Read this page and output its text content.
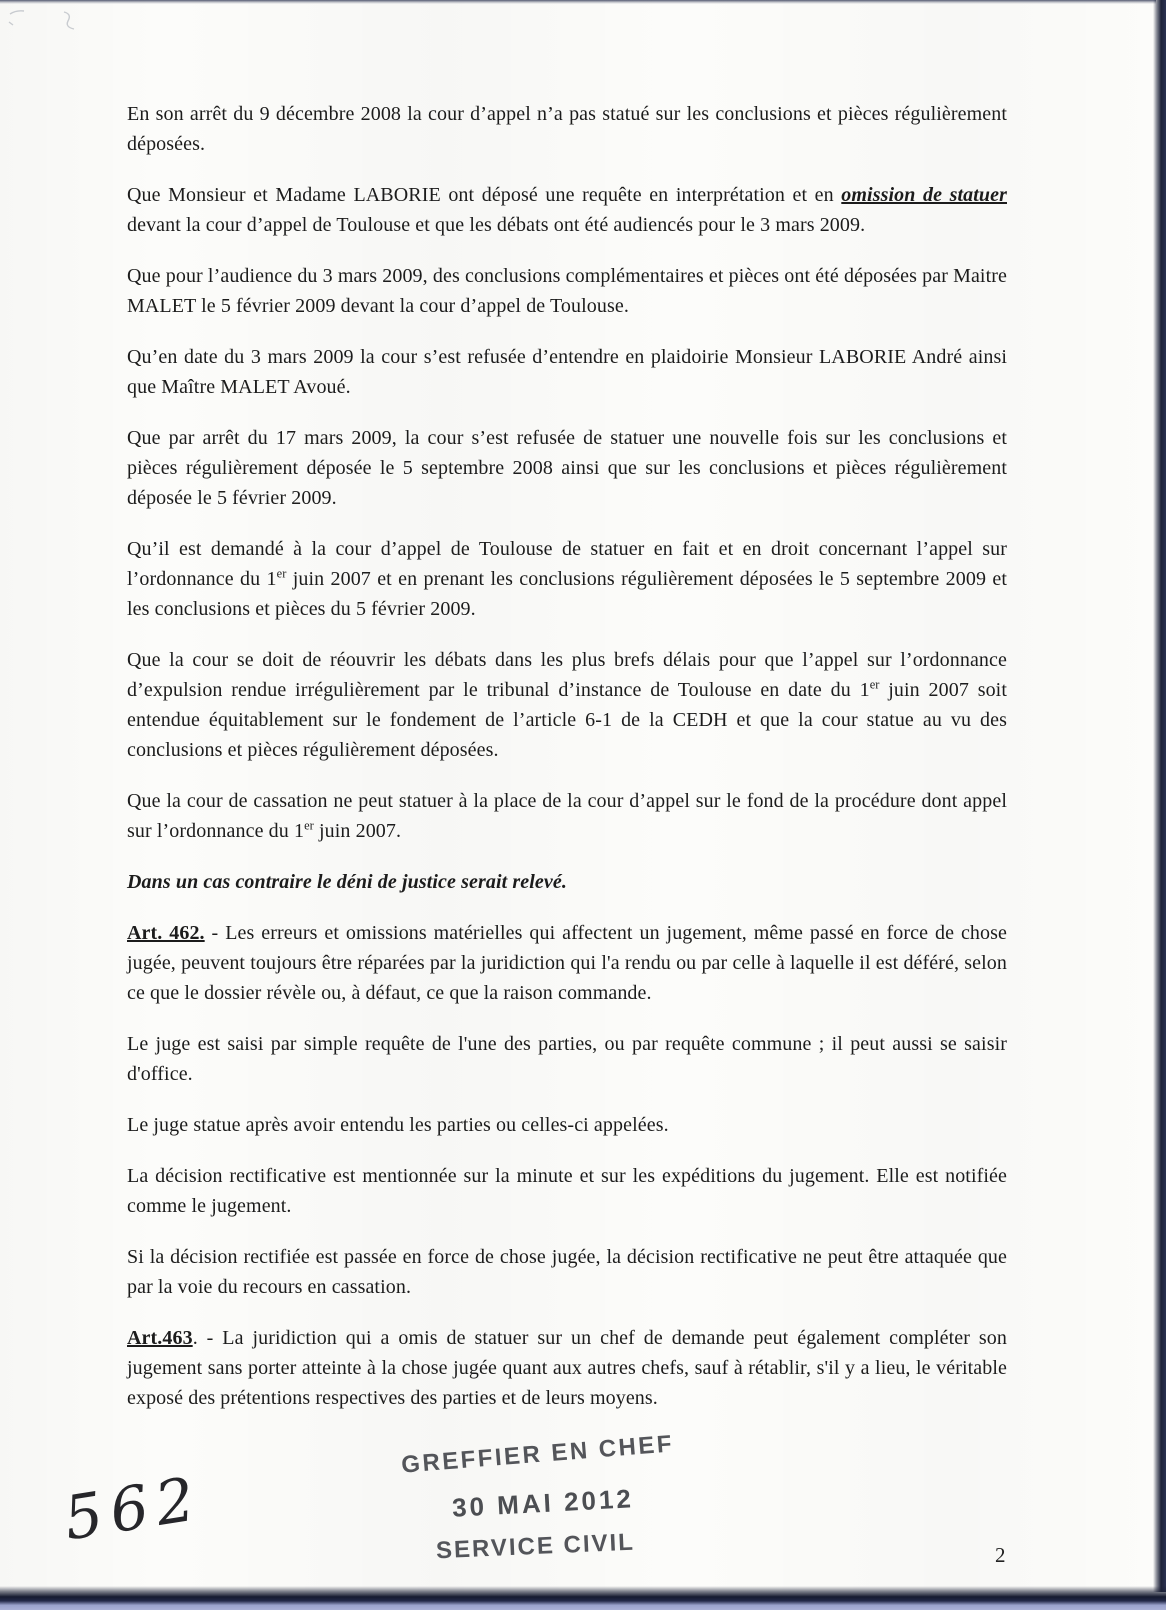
En son arrêt du 9 décembre 2008 la cour d’appel n’a pas statué sur les conclusions et pièces régulièrement déposées.

Que Monsieur et Madame LABORIE ont déposé une requête en interprétation et en omission de statuer devant la cour d’appel de Toulouse et que les débats ont été audiencés pour le 3 mars 2009.

Que pour l’audience du 3 mars 2009, des conclusions complémentaires et pièces ont été déposées par Maitre MALET le 5 février 2009 devant la cour d’appel de Toulouse.

Qu’en date du 3 mars 2009 la cour s’est refusée d’entendre en plaidoirie Monsieur LABORIE André ainsi que Maître MALET Avoué.

Que par arrêt du 17 mars 2009, la cour s’est refusée de statuer une nouvelle fois sur les conclusions et pièces régulièrement déposée le 5 septembre 2008 ainsi que sur les conclusions et pièces régulièrement déposée le 5 février 2009.

Qu’il est demandé à la cour d’appel de Toulouse de statuer en fait et en droit concernant l’appel sur l’ordonnance du 1er juin 2007 et en prenant les conclusions régulièrement déposées le 5 septembre 2009 et les conclusions et pièces du 5 février 2009.

Que la cour se doit de réouvrir les débats dans les plus brefs délais pour que l’appel sur l’ordonnance d’expulsion rendue irrégulièrement par le tribunal d’instance de Toulouse en date du 1er juin 2007 soit entendue équitablement sur le fondement de l’article 6-1 de la CEDH et que la cour statue au vu des conclusions et pièces régulièrement déposées.

Que la cour de cassation ne peut statuer à la place de la cour d’appel sur le fond de la procédure dont appel sur l’ordonnance du 1er juin 2007.

Dans un cas contraire le déni de justice serait relevé.

Art. 462. - Les erreurs et omissions matérielles qui affectent un jugement, même passé en force de chose jugée, peuvent toujours être réparées par la juridiction qui l'a rendu ou par celle à laquelle il est déféré, selon ce que le dossier révèle ou, à défaut, ce que la raison commande.

Le juge est saisi par simple requête de l'une des parties, ou par requête commune ; il peut aussi se saisir d'office.

Le juge statue après avoir entendu les parties ou celles-ci appelées.

La décision rectificative est mentionnée sur la minute et sur les expéditions du jugement. Elle est notifiée comme le jugement.

Si la décision rectifiée est passée en force de chose jugée, la décision rectificative ne peut être attaquée que par la voie du recours en cassation.

Art.463. - La juridiction qui a omis de statuer sur un chef de demande peut également compléter son jugement sans porter atteinte à la chose jugée quant aux autres chefs, sauf à rétablir, s'il y a lieu, le véritable exposé des prétentions respectives des parties et de leurs moyens.

GREFFIER EN CHEF
30 MAI 2012
SERVICE CIVIL
562
2
